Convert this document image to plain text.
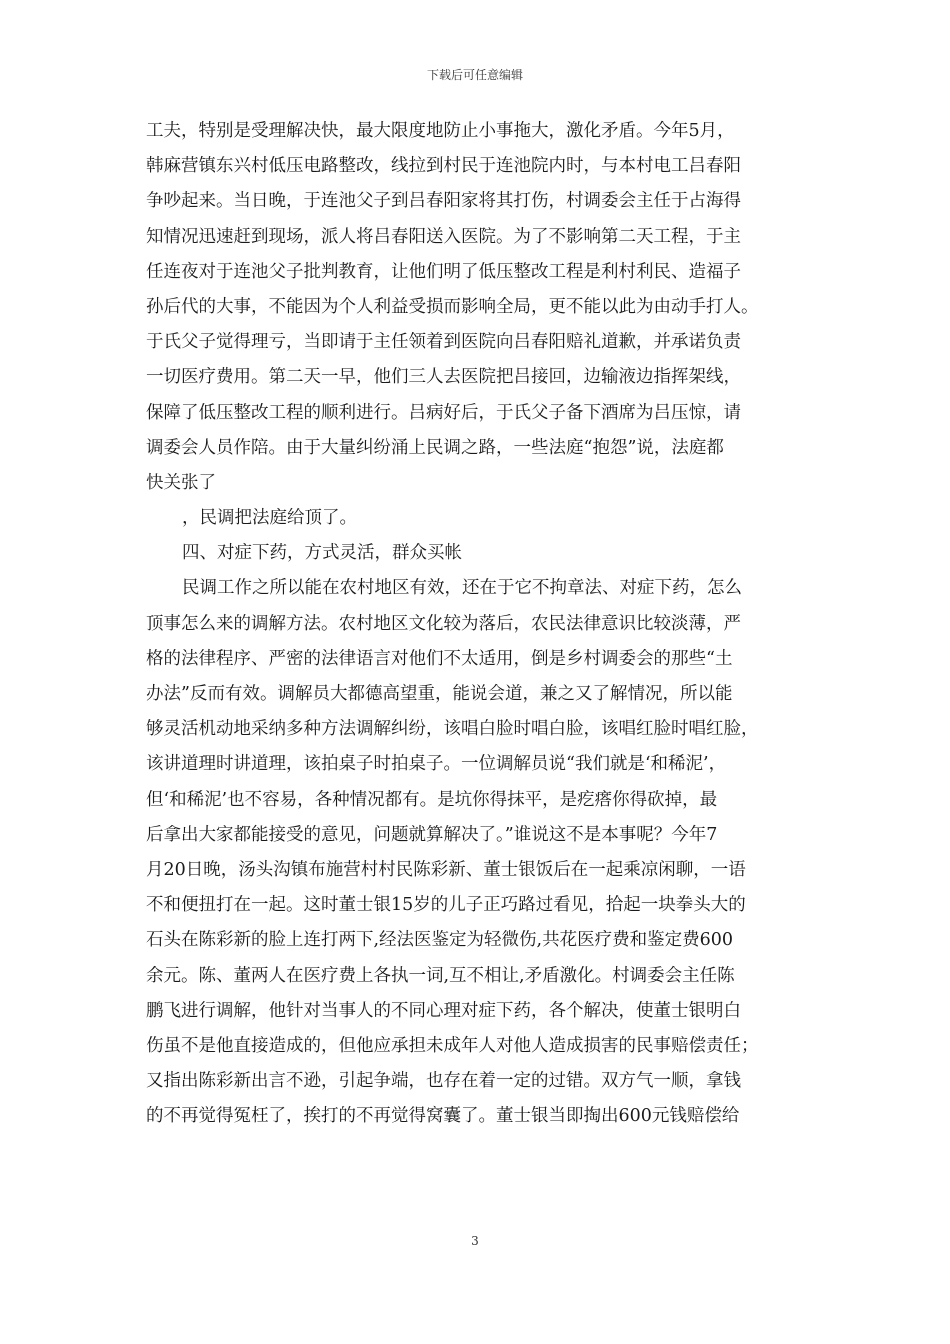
下载后可任意编辑
工夫，特别是受理解决快，最大限度地防止小事拖大，激化矛盾。今年5月，
韩麻营镇东兴村低压电路整改，线拉到村民于连池院内时，与本村电工吕春阳
争吵起来。当日晚，于连池父子到吕春阳家将其打伤，村调委会主任于占海得
知情况迅速赶到现场，派人将吕春阳送入医院。为了不影响第二天工程，于主
任连夜对于连池父子批判教育，让他们明了低压整改工程是利村利民、造福子
孙后代的大事，不能因为个人利益受损而影响全局，更不能以此为由动手打人。
于氏父子觉得理亏，当即请于主任领着到医院向吕春阳赔礼道歉，并承诺负责
一切医疗费用。第二天一早，他们三人去医院把吕接回，边输液边指挥架线，
保障了低压整改工程的顺利进行。吕病好后，于氏父子备下酒席为吕压惊，请
调委会人员作陪。由于大量纠纷涌上民调之路，一些法庭“抱怨”说，法庭都
快关张了
，民调把法庭给顶了。
四、对症下药，方式灵活，群众买帐
民调工作之所以能在农村地区有效，还在于它不拘章法、对症下药，怎么
顶事怎么来的调解方法。农村地区文化较为落后，农民法律意识比较淡薄，严
格的法律程序、严密的法律语言对他们不太适用，倒是乡村调委会的那些“土
办法”反而有效。调解员大都德高望重，能说会道，兼之又了解情况，所以能
够灵活机动地采纳多种方法调解纠纷，该唱白脸时唱白脸，该唱红脸时唱红脸，
该讲道理时讲道理，该拍桌子时拍桌子。一位调解员说“我们就是‘和稀泥’，
但‘和稀泥’也不容易，各种情况都有。是坑你得抹平，是疙瘩你得砍掉，最
后拿出大家都能接受的意见，问题就算解决了。”谁说这不是本事呢？今年7
月20日晚，汤头沟镇布施营村村民陈彩新、董士银饭后在一起乘凉闲聊，一语
不和便扭打在一起。这时董士银15岁的儿子正巧路过看见，拾起一块拳头大的
石头在陈彩新的脸上连打两下,经法医鉴定为轻微伤,共花医疗费和鉴定费600
余元。陈、董两人在医疗费上各执一词,互不相让,矛盾激化。村调委会主任陈
鹏飞进行调解，他针对当事人的不同心理对症下药，各个解决，使董士银明白
伤虽不是他直接造成的，但他应承担未成年人对他人造成损害的民事赔偿责任；
又指出陈彩新出言不逊，引起争端，也存在着一定的过错。双方气一顺，拿钱
的不再觉得冤枉了，挨打的不再觉得窝囊了。董士银当即掏出600元钱赔偿给
3
